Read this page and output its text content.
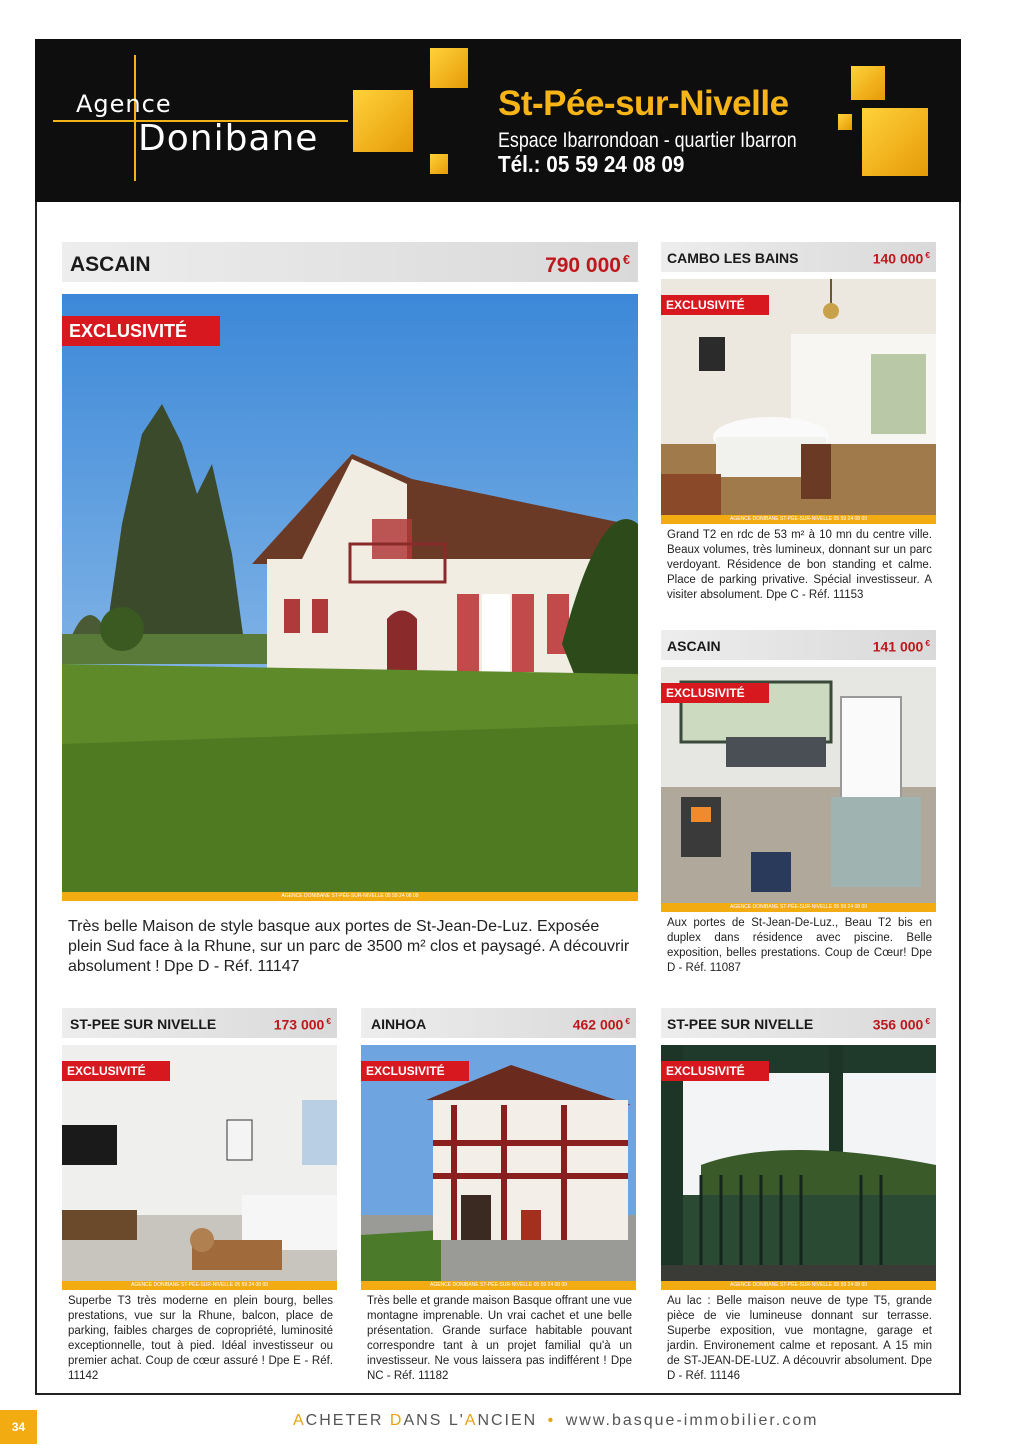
Agence
Donibane
St-Pée-sur-Nivelle
Espace Ibarrondoan - quartier Ibarron
Tél.: 05 59 24 08 09
ASCAIN	790 000 €
EXCLUSIVITÉ
AGENCE DONIBANE ST-PÉE-SUR-NIVELLE 05 59 24 08 09
Très belle Maison de style basque aux portes de St-Jean-De-Luz. Exposée plein Sud face à la Rhune, sur un parc de 3500 m² clos et paysagé. A découvrir absolument ! Dpe D - Réf. 11147
CAMBO LES BAINS	140 000 €
EXCLUSIVITÉ
AGENCE DONIBANE ST-PÉE-SUR-NIVELLE 05 59 24 08 09
Grand T2 en rdc de 53 m² à 10 mn du centre ville. Beaux volumes, très lumineux, donnant sur un parc verdoyant. Résidence de bon standing et calme. Place de parking privative. Spécial investisseur. A visiter absolument. Dpe C - Réf. 11153
ASCAIN	141 000 €
EXCLUSIVITÉ
AGENCE DONIBANE ST-PÉE-SUR-NIVELLE 05 59 24 08 09
Aux portes de St-Jean-De-Luz., Beau T2 bis en duplex dans résidence avec piscine. Belle exposition, belles prestations. Coup de Cœur! Dpe D - Réf. 11087
ST-PEE SUR NIVELLE	173 000 €
EXCLUSIVITÉ
AGENCE DONIBANE ST-PÉE-SUR-NIVELLE 05 59 24 08 09
Superbe T3 très moderne en plein bourg, belles prestations, vue sur la Rhune, balcon, place de parking, faibles charges de copropriété, luminosité exceptionnelle, tout à pied. Idéal investisseur ou premier achat. Coup de cœur assuré ! Dpe E - Réf. 11142
AINHOA	462 000 €
EXCLUSIVITÉ
AGENCE DONIBANE ST-PÉE-SUR-NIVELLE 05 59 24 08 09
Très belle et grande maison Basque offrant une vue montagne imprenable. Un vrai cachet et une belle présentation. Grande surface habitable pouvant correspondre tant à un projet familial qu'à un investisseur. Ne vous laissera pas indifférent ! Dpe NC - Réf. 11182
ST-PEE SUR NIVELLE	356 000 €
EXCLUSIVITÉ
AGENCE DONIBANE ST-PÉE-SUR-NIVELLE 05 59 24 08 09
Au lac : Belle maison neuve de type T5, grande pièce de vie lumineuse donnant sur terrasse. Superbe exposition, vue montagne, garage et jardin. Environement calme et reposant. A 15 min de ST-JEAN-DE-LUZ. A découvrir absolument. Dpe D - Réf. 11146
34	ACHETER DANS L'ANCIEN • www.basque-immobilier.com
